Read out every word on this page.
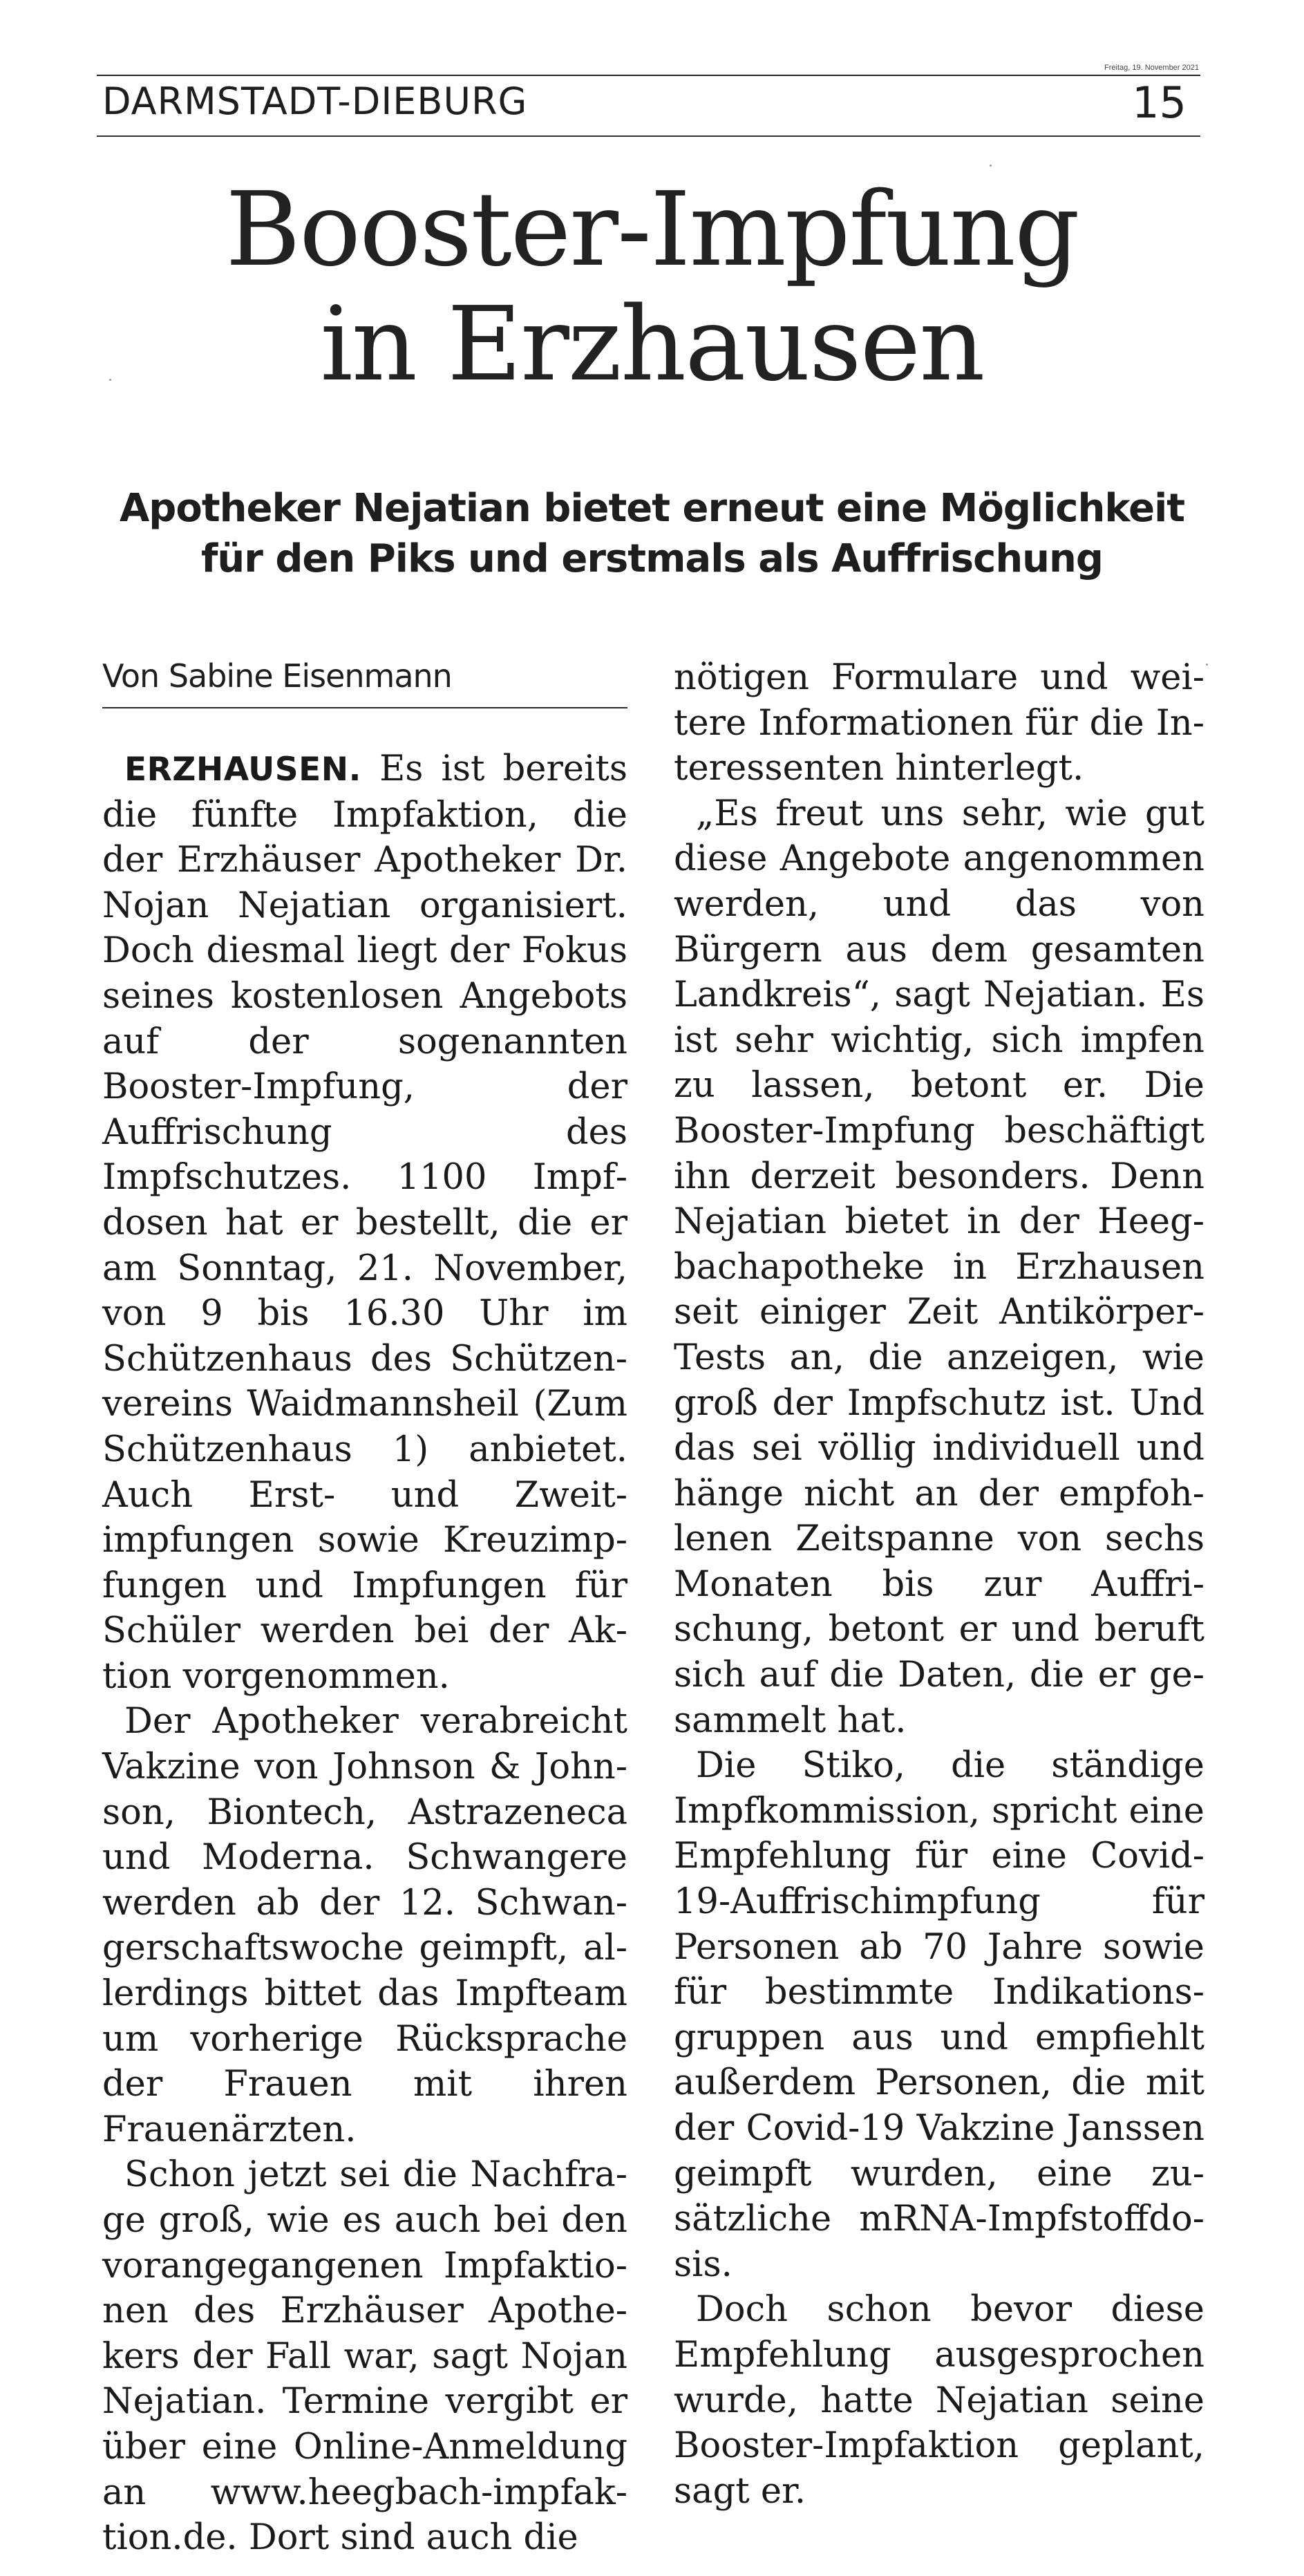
Freitag, 19. November 2021
DARMSTADT-DIEBURG	15
Booster-Impfung
in Erzhausen
Apotheker Nejatian bietet erneut eine Möglichkeit
für den Piks und erstmals als Auffrischung
Von Sabine Eisenmann

ERZHAUSEN. Es ist bereits die fünfte Impfaktion, die der Erzhäuser Apotheker Dr. Nojan Nejatian organisiert. Doch diesmal liegt der Fokus seines kostenlosen Angebots auf der sogenannten Booster-Impfung, der Auffrischung des Impfschutzes. 1100 Impfdosen hat er bestellt, die er am Sonntag, 21. November, von 9 bis 16.30 Uhr im Schützenhaus des Schützenvereins Waidmannsheil (Zum Schützenhaus 1) anbietet. Auch Erst- und Zweitimpfungen sowie Kreuzimpfungen und Impfungen für Schüler werden bei der Aktion vorgenommen.

Der Apotheker verabreicht Vakzine von Johnson & Johnson, Biontech, Astrazeneca und Moderna. Schwangere werden ab der 12. Schwangerschaftswoche geimpft, allerdings bittet das Impfteam um vorherige Rücksprache der Frauen mit ihren Frauenärzten.

Schon jetzt sei die Nachfrage groß, wie es auch bei den vorangegangenen Impfaktionen des Erzhäuser Apothekers der Fall war, sagt Nojan Nejatian. Termine vergibt er über eine Online-Anmeldung an www.heegbach-impfaktion.de. Dort sind auch die

nötigen Formulare und weitere Informationen für die Interessenten hinterlegt.

„Es freut uns sehr, wie gut diese Angebote angenommen werden, und das von Bürgern aus dem gesamten Landkreis“, sagt Nejatian. Es ist sehr wichtig, sich impfen zu lassen, betont er. Die Booster-Impfung beschäftigt ihn derzeit besonders. Denn Nejatian bietet in der Heegbachapotheke in Erzhausen seit einiger Zeit Antikörper-Tests an, die anzeigen, wie groß der Impfschutz ist. Und das sei völlig individuell und hänge nicht an der empfohlenen Zeitspanne von sechs Monaten bis zur Auffrischung, betont er und beruft sich auf die Daten, die er gesammelt hat.

Die Stiko, die ständige Impfkommission, spricht eine Empfehlung für eine Covid-19-Auffrischimpfung für Personen ab 70 Jahre sowie für bestimmte Indikationsgruppen aus und empfiehlt außerdem Personen, die mit der Covid-19 Vakzine Janssen geimpft wurden, eine zusätzliche mRNA-Impfstoffdosis.

Doch schon bevor diese Empfehlung ausgesprochen wurde, hatte Nejatian seine Booster-Impfaktion geplant, sagt er.
